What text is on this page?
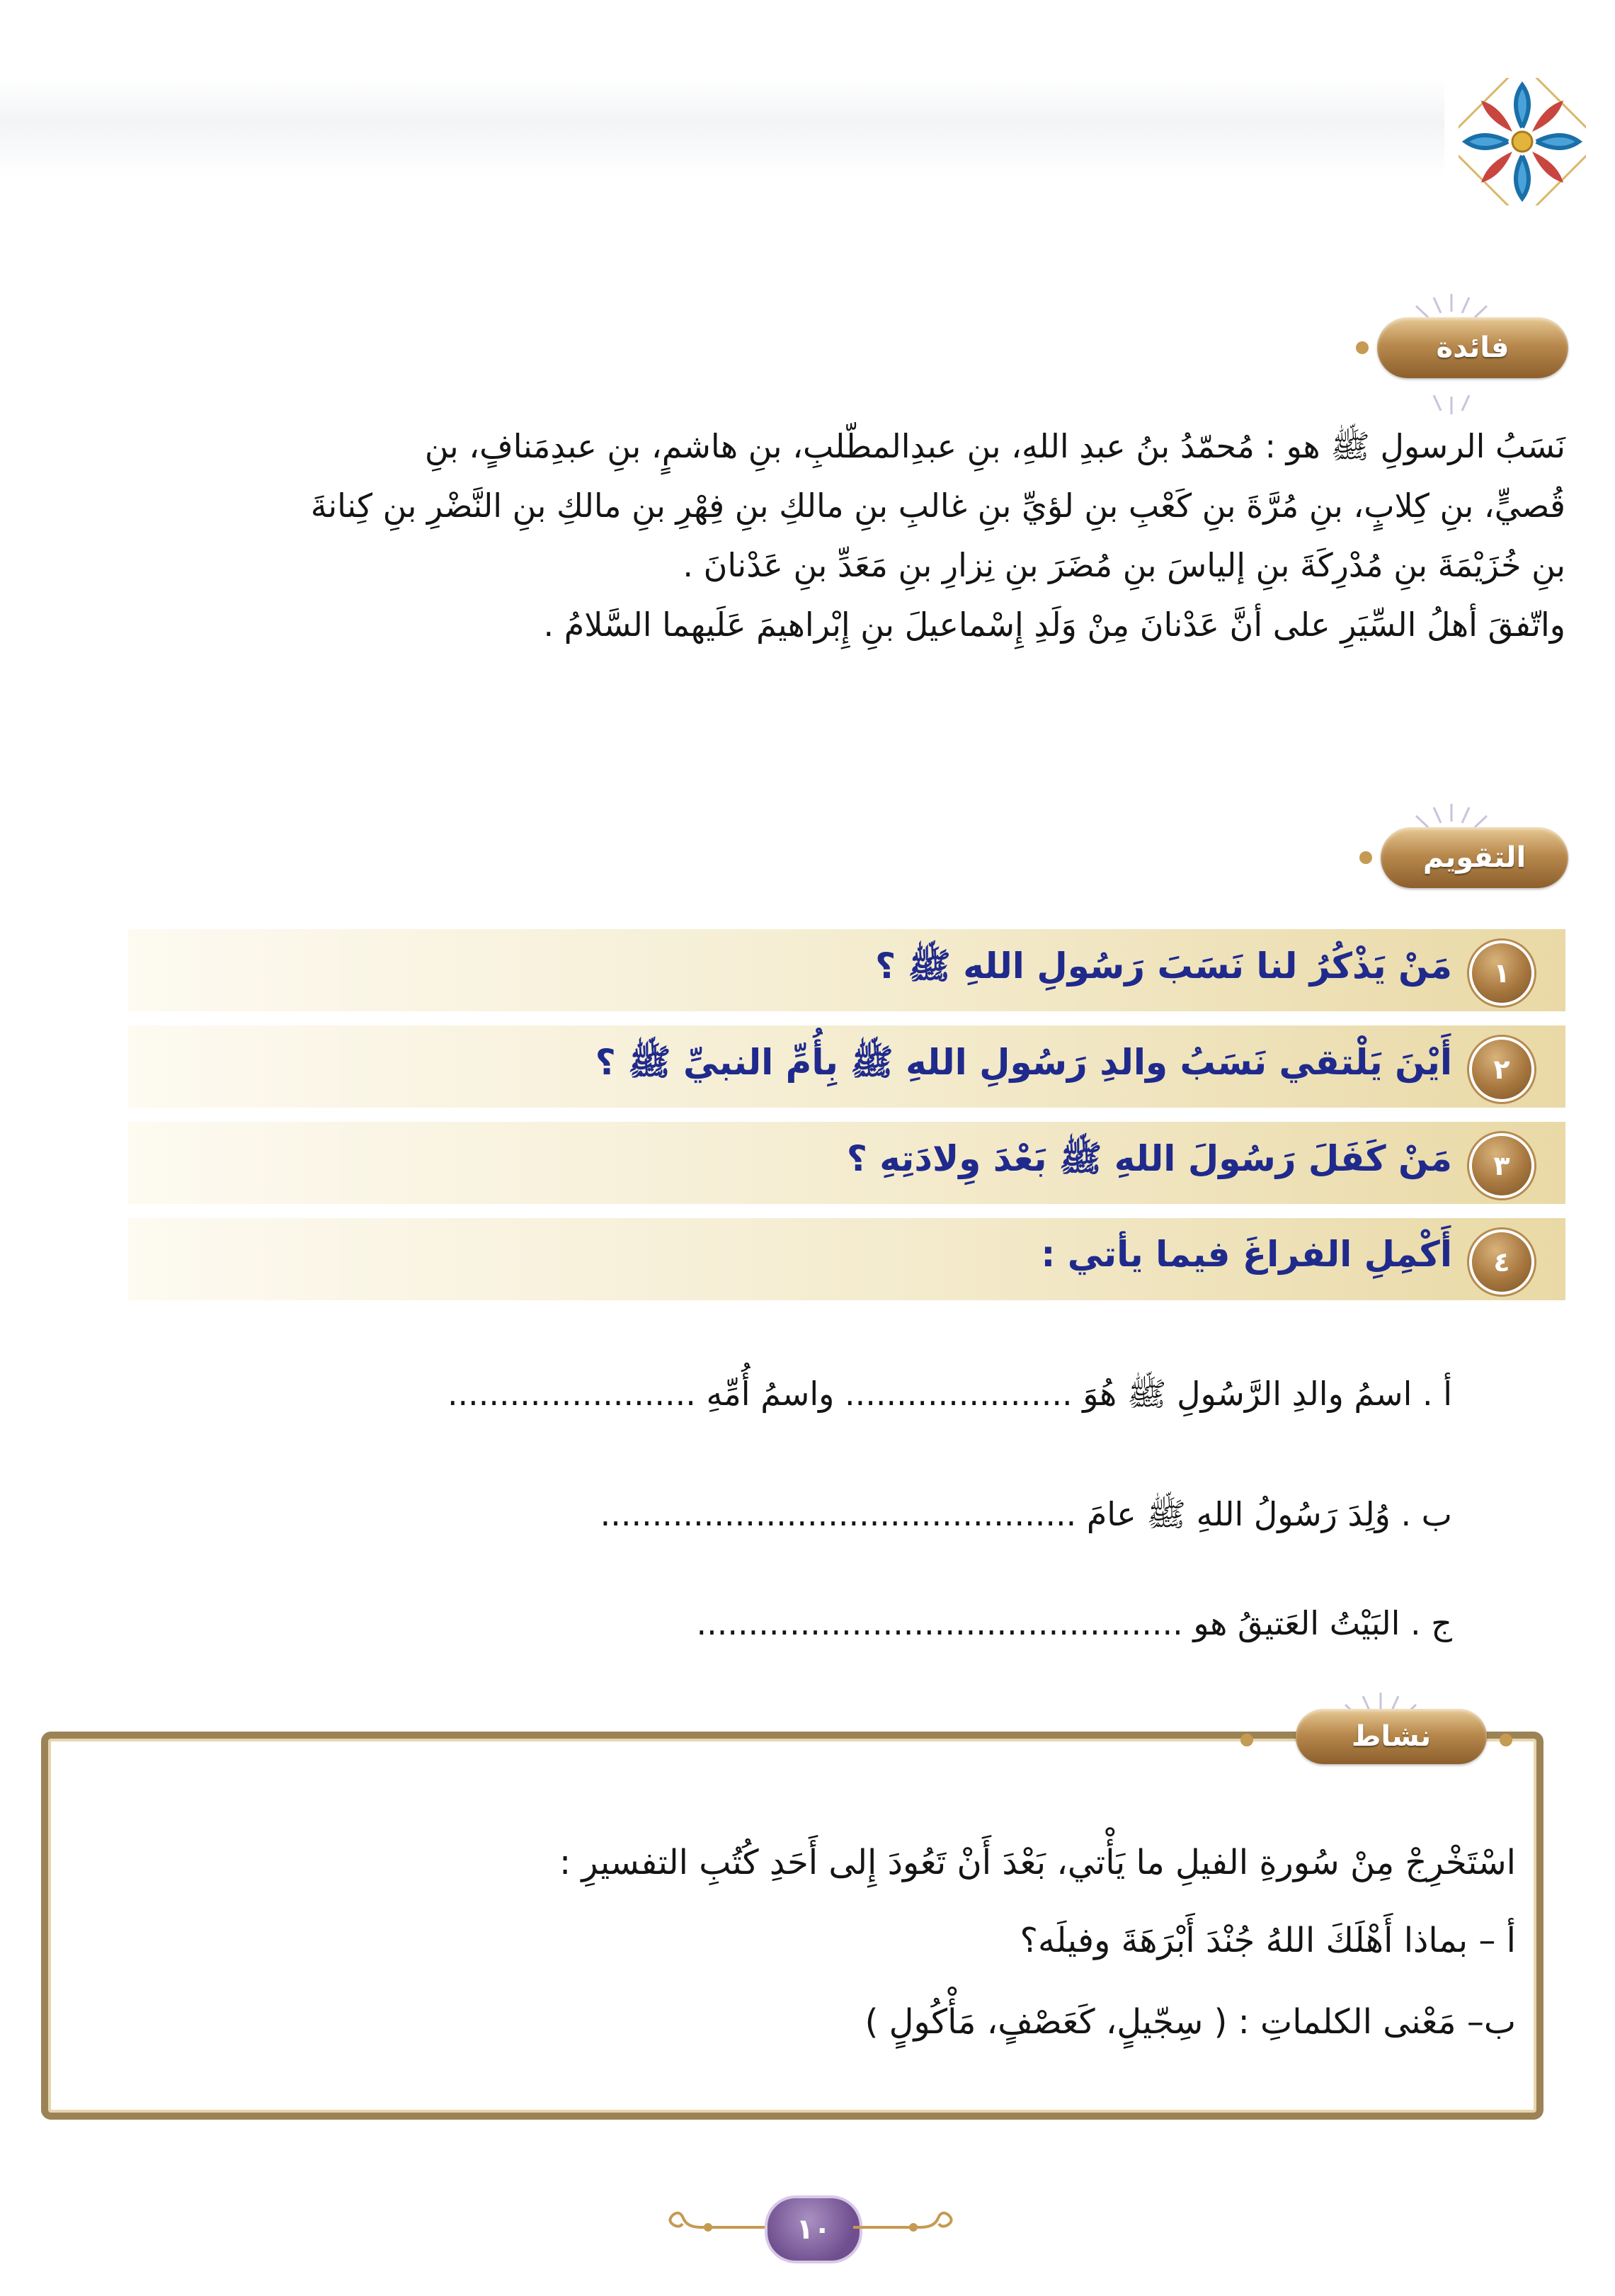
فائدة

نَسَبُ الرسولِ ﷺ هو : مُحمّدُ بنُ عبدِ اللهِ، بنِ عبدِالمطّلبِ، بنِ هاشمٍ، بنِ عبدِمَنافٍ، بنِ

قُصيٍّ، بنِ كِلابٍ، بنِ مُرَّةَ بنِ كَعْبِ بنِ لؤيِّ بنِ غالبِ بنِ مالكِ بنِ فِهْرِ بنِ مالكِ بنِ النَّضْرِ بنِ كِنانةَ

بنِ خُزَيْمَةَ بنِ مُدْرِكَةَ بنِ إلياسَ بنِ مُضَرَ بنِ نِزارِ بنِ مَعَدِّ بنِ عَدْنانَ .

واتّفقَ أهلُ السِّيَرِ على أنَّ عَدْنانَ مِنْ وَلَدِ إِسْماعيلَ بنِ إِبْراهيمَ عَلَيهما السَّلامُ .

التقويم
١
مَنْ يَذْكُرُ لنا نَسَبَ رَسُولِ اللهِ ﷺ ؟
٢
أَيْنَ يَلْتقي نَسَبُ والدِ رَسُولِ اللهِ ﷺ بِأُمِّ النبيِّ ﷺ ؟
٣
مَنْ كَفَلَ رَسُولَ اللهِ ﷺ بَعْدَ وِلادَتِهِ ؟
٤
أَكْمِلِ الفراغَ فيما يأتي :
أ . اسمُ والدِ الرَّسُولِ ﷺ هُوَ ...................... واسمُ أُمِّهِ ........................
ب . وُلِدَ رَسُولُ اللهِ ﷺ عامَ ..............................................
ج . البَيْتُ العَتيقُ هو ...............................................
نشاط
اسْتَخْرِجْ مِنْ سُورةِ الفيلِ ما يَأْتي، بَعْدَ أَنْ تَعُودَ إِلى أَحَدِ كُتُبِ التفسيرِ :
أ – بماذا أَهْلَكَ اللهُ جُنْدَ أَبْرَهَةَ وفيلَه؟
ب– مَعْنى الكلماتِ : ( سِجّيلٍ، كَعَصْفٍ، مَأْكُولٍ )
١٠
